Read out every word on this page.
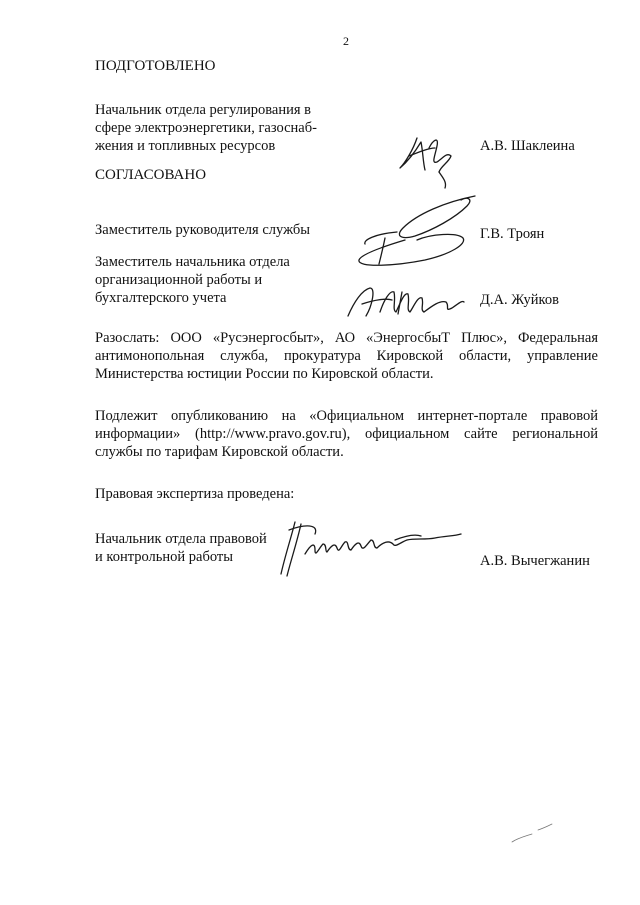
2
ПОДГОТОВЛЕНО
Начальник отдела регулирования в
сфере электроэнергетики, газоснаб-
жения и топливных ресурсов	А.В. Шаклеина
СОГЛАСОВАНО
Заместитель руководителя службы	Г.В. Троян
Заместитель начальника отдела
организационной работы и
бухгалтерского учета	Д.А. Жуйков
Разослать: ООО «Русэнергосбыт», АО «ЭнергосбыТ Плюс», Федеральная
антимонопольная служба, прокуратура Кировской области, управление
Министерства юстиции России по Кировской области.
Подлежит опубликованию на «Официальном интернет-портале правовой
информации» (http://www.pravo.gov.ru), официальном сайте региональной
службы по тарифам Кировской области.
Правовая экспертиза проведена:
Начальник отдела правовой
и контрольной работы	А.В. Вычегжанин
